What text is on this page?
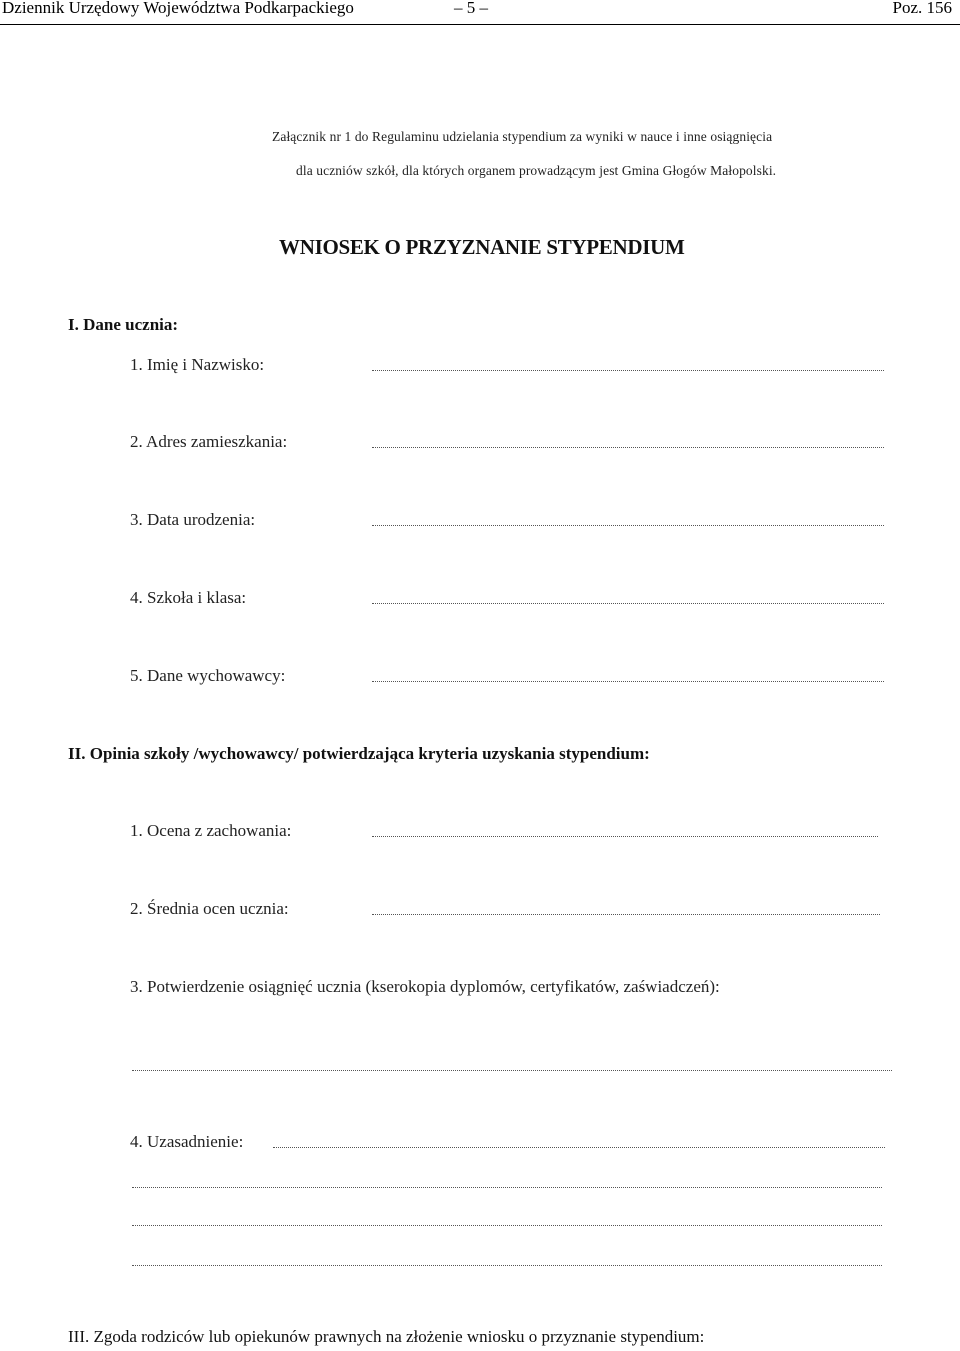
Dziennik Urzędowy Województwa Podkarpackiego	– 5 –	Poz. 156
Załącznik nr 1 do Regulaminu udzielania stypendium za wyniki w nauce i inne osiągnięcia
dla uczniów szkół, dla których organem prowadzącym jest Gmina Głogów Małopolski.
WNIOSEK O PRZYZNANIE STYPENDIUM
I. Dane ucznia:
1. Imię i Nazwisko:
2. Adres zamieszkania:
3. Data urodzenia:
4. Szkoła i klasa:
5. Dane wychowawcy:
II. Opinia szkoły /wychowawcy/ potwierdzająca kryteria uzyskania stypendium:
1. Ocena z zachowania:
2. Średnia ocen ucznia:
3. Potwierdzenie osiągnięć ucznia (kserokopia dyplomów, certyfikatów, zaświadczeń):
4. Uzasadnienie:
III. Zgoda rodziców lub opiekunów prawnych na złożenie wniosku o przyznanie stypendium:
